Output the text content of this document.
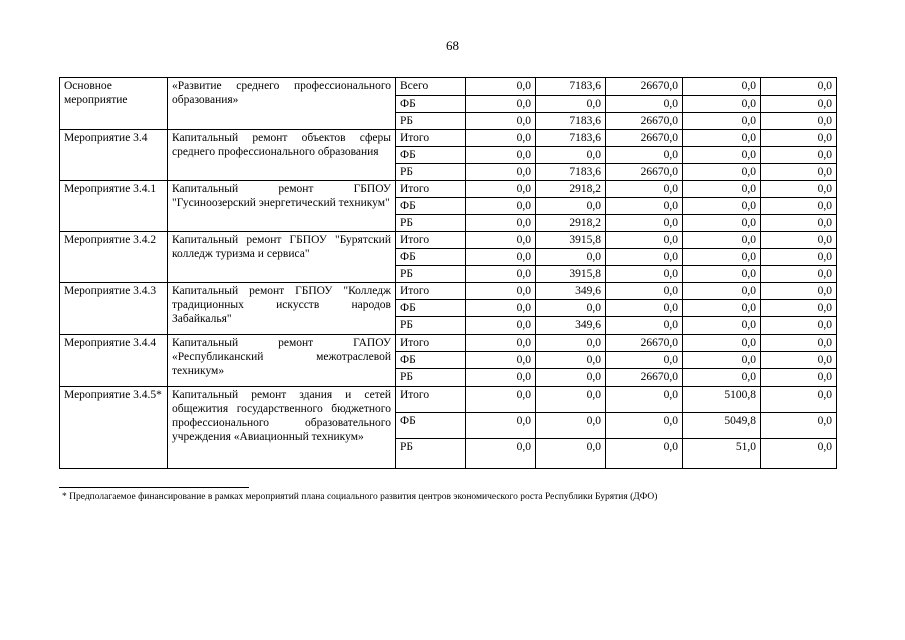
68
Основное мероприятие	«Развитие среднего профессионального образования»	Всего	0,0	7183,6	26670,0	0,0	0,0
		ФБ	0,0	0,0	0,0	0,0	0,0
		РБ	0,0	7183,6	26670,0	0,0	0,0
Мероприятие 3.4	Капитальный ремонт объектов сферы среднего профессионального образования	Итого	0,0	7183,6	26670,0	0,0	0,0
		ФБ	0,0	0,0	0,0	0,0	0,0
		РБ	0,0	7183,6	26670,0	0,0	0,0
Мероприятие 3.4.1	Капитальный ремонт ГБПОУ "Гусиноозерский энергетический техникум"	Итого	0,0	2918,2	0,0	0,0	0,0
		ФБ	0,0	0,0	0,0	0,0	0,0
		РБ	0,0	2918,2	0,0	0,0	0,0
Мероприятие 3.4.2	Капитальный ремонт ГБПОУ "Бурятский колледж туризма и сервиса"	Итого	0,0	3915,8	0,0	0,0	0,0
		ФБ	0,0	0,0	0,0	0,0	0,0
		РБ	0,0	3915,8	0,0	0,0	0,0
Мероприятие 3.4.3	Капитальный ремонт ГБПОУ "Колледж традиционных искусств народов Забайкалья"	Итого	0,0	349,6	0,0	0,0	0,0
		ФБ	0,0	0,0	0,0	0,0	0,0
		РБ	0,0	349,6	0,0	0,0	0,0
Мероприятие 3.4.4	Капитальный ремонт ГАПОУ «Республиканский межотраслевой техникум»	Итого	0,0	0,0	26670,0	0,0	0,0
		ФБ	0,0	0,0	0,0	0,0	0,0
		РБ	0,0	0,0	26670,0	0,0	0,0
Мероприятие 3.4.5*	Капитальный ремонт здания и сетей общежития государственного бюджетного профессионального образовательного учреждения «Авиационный техникум»	Итого	0,0	0,0	0,0	5100,8	0,0
		ФБ	0,0	0,0	0,0	5049,8	0,0
		РБ	0,0	0,0	0,0	51,0	0,0
* Предполагаемое финансирование в рамках мероприятий плана социального развития центров экономического роста Республики Бурятия (ДФО)
